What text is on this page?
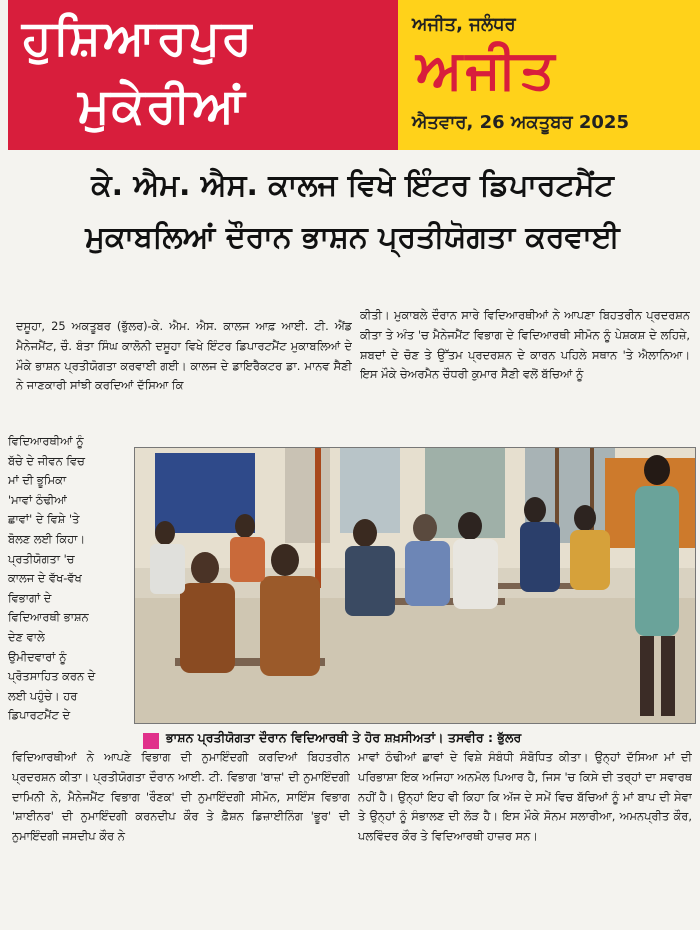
ਹੁਸ਼ਿਆਰਪੁਰ
ਮੁਕੇਰੀਆਂ
ਅਜੀਤ, ਜਲੰਧਰ
ਅਜੀਤ
ਐਤਵਾਰ, 26 ਅਕਤੂਬਰ 2025
ਕੇ. ਐਮ. ਐਸ. ਕਾਲਜ ਵਿਖੇ ਇੰਟਰ ਡਿਪਾਰਟਮੈਂਟ
ਮੁਕਾਬਲਿਆਂ ਦੌਰਾਨ ਭਾਸ਼ਨ ਪ੍ਰਤੀਯੋਗਤਾ ਕਰਵਾਈ
ਦਸੂਹਾ, 25 ਅਕਤੂਬਰ (ਭੁੱਲਰ)-ਕੇ. ਐਮ. ਐਸ. ਕਾਲਜ ਆਫ਼ ਆਈ. ਟੀ. ਐਂਡ ਮੈਨੇਜਮੈਂਟ, ਚੌ. ਬੰਤਾ ਸਿੰਘ ਕਾਲੋਨੀ ਦਸੂਹਾ ਵਿਖੇ ਇੰਟਰ ਡਿਪਾਰਟਮੈਂਟ ਮੁਕਾਬਲਿਆਂ ਦੇ ਮੌਕੇ ਭਾਸ਼ਨ ਪ੍ਰਤੀਯੋਗਤਾ ਕਰਵਾਈ ਗਈ। ਕਾਲਜ ਦੇ ਡਾਇਰੈਕਟਰ ਡਾ. ਮਾਨਵ ਸੈਣੀ ਨੇ ਜਾਣਕਾਰੀ ਸਾਂਝੀ ਕਰਦਿਆਂ ਦੱਸਿਆ ਕਿ
ਕੀਤੀ। ਮੁਕਾਬਲੇ ਦੌਰਾਨ ਸਾਰੇ ਵਿਦਿਆਰਥੀਆਂ ਨੇ ਆਪਣਾ ਬਿਹਤਰੀਨ ਪ੍ਰਦਰਸ਼ਨ ਕੀਤਾ ਤੇ ਅੰਤ 'ਚ ਮੈਨੇਜਮੈਂਟ ਵਿਭਾਗ ਦੇ ਵਿਦਿਆਰਥੀ ਸੀਮੋਨ ਨੂੰ ਪੇਸ਼ਕਸ਼ ਦੇ ਲਹਿਜ਼ੇ, ਸ਼ਬਦਾਂ ਦੇ ਚੋਣ ਤੇ ਉੱਤਮ ਪ੍ਰਦਰਸ਼ਨ ਦੇ ਕਾਰਨ ਪਹਿਲੇ ਸਥਾਨ 'ਤੇ ਐਲਾਨਿਆ। ਇਸ ਮੌਕੇ ਚੇਅਰਮੈਨ ਚੌਧਰੀ ਕੁਮਾਰ ਸੈਣੀ ਵਲੋਂ ਬੱਚਿਆਂ ਨੂੰ
ਵਿਦਿਆਰਥੀਆਂ ਨੂੰ
ਬੱਚੇ ਦੇ ਜੀਵਨ ਵਿਚ
ਮਾਂ ਦੀ ਭੂਮਿਕਾ
'ਮਾਵਾਂ ਠੰਢੀਆਂ
ਛਾਵਾਂ' ਦੇ ਵਿਸ਼ੇ 'ਤੇ
ਬੋਲਣ ਲਈ ਕਿਹਾ।
ਪ੍ਰਤੀਯੋਗਤਾ 'ਚ
ਕਾਲਜ ਦੇ ਵੱਖ-ਵੱਖ
ਵਿਭਾਗਾਂ ਦੇ
ਵਿਦਿਆਰਥੀ ਭਾਸ਼ਨ
ਦੇਣ ਵਾਲੇ
ਉਮੀਦਵਾਰਾਂ ਨੂੰ
ਪ੍ਰੋਤਸਾਹਿਤ ਕਰਨ ਦੇ
ਲਈ ਪਹੁੰਚੇ। ਹਰ
ਡਿਪਾਰਟਮੈਂਟ ਦੇ
ਭਾਸ਼ਨ ਪ੍ਰਤੀਯੋਗਤਾ ਦੌਰਾਨ ਵਿਦਿਆਰਥੀ ਤੇ ਹੋਰ ਸ਼ਖ਼ਸੀਅਤਾਂ। ਤਸਵੀਰ : ਭੁੱਲਰ
ਵਿਦਿਆਰਥੀਆਂ ਨੇ ਆਪਣੇ ਵਿਭਾਗ ਦੀ ਨੁਮਾਇੰਦਗੀ ਕਰਦਿਆਂ ਬਿਹਤਰੀਨ ਪ੍ਰਦਰਸ਼ਨ ਕੀਤਾ। ਪ੍ਰਤੀਯੋਗਤਾ ਦੌਰਾਨ ਆਈ. ਟੀ. ਵਿਭਾਗ 'ਬਾਜ਼' ਦੀ ਨੁਮਾਇੰਦਗੀ ਦਾਮਿਨੀ ਨੇ, ਮੈਨੇਜਮੈਂਟ ਵਿਭਾਗ 'ਰੌਣਕ' ਦੀ ਨੁਮਾਇੰਦਗੀ ਸੀਮੋਨ, ਸਾਇੰਸ ਵਿਭਾਗ 'ਸ਼ਾਈਨਰ' ਦੀ ਨੁਮਾਇੰਦਗੀ ਕਰਨਦੀਪ ਕੌਰ ਤੇ ਫ਼ੈਸ਼ਨ ਡਿਜ਼ਾਈਨਿੰਗ 'ਭੂਰ' ਦੀ ਨੁਮਾਇੰਦਗੀ ਜਸਦੀਪ ਕੌਰ ਨੇ
ਮਾਵਾਂ ਠੰਢੀਆਂ ਛਾਵਾਂ ਦੇ ਵਿਸ਼ੇ ਸੰਬੰਧੀ ਸੰਬੋਧਿਤ ਕੀਤਾ। ਉਨ੍ਹਾਂ ਦੱਸਿਆ ਮਾਂ ਦੀ ਪਰਿਭਾਸ਼ਾ ਇਕ ਅਜਿਹਾ ਅਨਮੋਲ ਪਿਆਰ ਹੈ, ਜਿਸ 'ਚ ਕਿਸੇ ਦੀ ਤਰ੍ਹਾਂ ਦਾ ਸਵਾਰਥ ਨਹੀਂ ਹੈ। ਉਨ੍ਹਾਂ ਇਹ ਵੀ ਕਿਹਾ ਕਿ ਅੱਜ ਦੇ ਸਮੇਂ ਵਿਚ ਬੱਚਿਆਂ ਨੂੰ ਮਾਂ ਬਾਪ ਦੀ ਸੇਵਾ ਤੇ ਉਨ੍ਹਾਂ ਨੂੰ ਸੰਭਾਲਣ ਦੀ ਲੋੜ ਹੈ। ਇਸ ਮੌਕੇ ਸੋਨਮ ਸਲਾਰੀਆ, ਅਮਨਪ੍ਰੀਤ ਕੌਰ, ਪਲਵਿੰਦਰ ਕੌਰ ਤੇ ਵਿਦਿਆਰਥੀ ਹਾਜ਼ਰ ਸਨ।
